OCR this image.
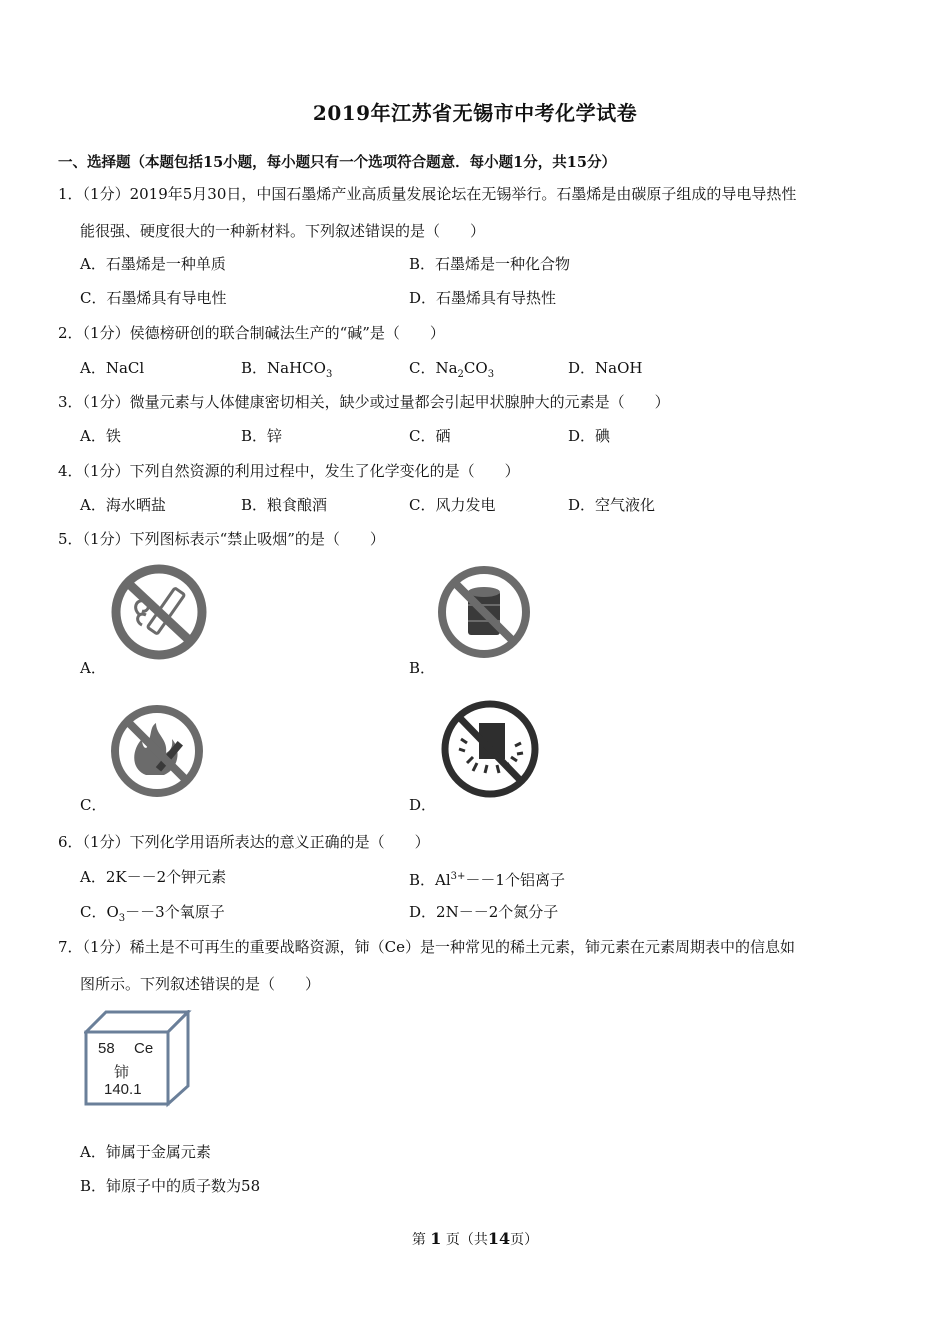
2019年江苏省无锡市中考化学试卷
一、选择题（本题包括15小题，每小题只有一个选项符合题意．每小题1分，共15分）
1．（1分）2019年5月30日，中国石墨烯产业高质量发展论坛在无锡举行。石墨烯是由碳原子组成的导电导热性
能很强、硬度很大的一种新材料。下列叙述错误的是（　　）
A．石墨烯是一种单质	B．石墨烯是一种化合物
C．石墨烯具有导电性	D．石墨烯具有导热性
2．（1分）侯德榜研创的联合制碱法生产的“碱”是（　　）
A．NaCl	B．NaHCO$_3$	C．$Na_2CO_3$	D．NaOH
3．（1分）微量元素与人体健康密切相关，缺少或过量都会引起甲状腺肿大的元素是（　　）
A．铁	B．锌	C．硒	D．碘
4．（1分）下列自然资源的利用过程中，发生了化学变化的是（　　）
A．海水晒盐	B．粮食酿酒	C．风力发电	D．空气液化
5．（1分）下列图标表示“禁止吸烟”的是（　　）
A．	B．
C．	D．
6．（1分）下列化学用语所表达的意义正确的是（　　）
A．2K－－2个钾元素	B．$Al^{3+}--1$个铝离子
C．$O_3--3$个氧原子	D．2N－－2个氮分子
7．（1分）稀土是不可再生的重要战略资源，铈（Ce）是一种常见的稀土元素，铈元素在元素周期表中的信息如
图所示。下列叙述错误的是（　　）
58 Ce
铈
140.1
A．铈属于金属元素
B．铈原子中的质子数为58
第 1 页（共14页）
